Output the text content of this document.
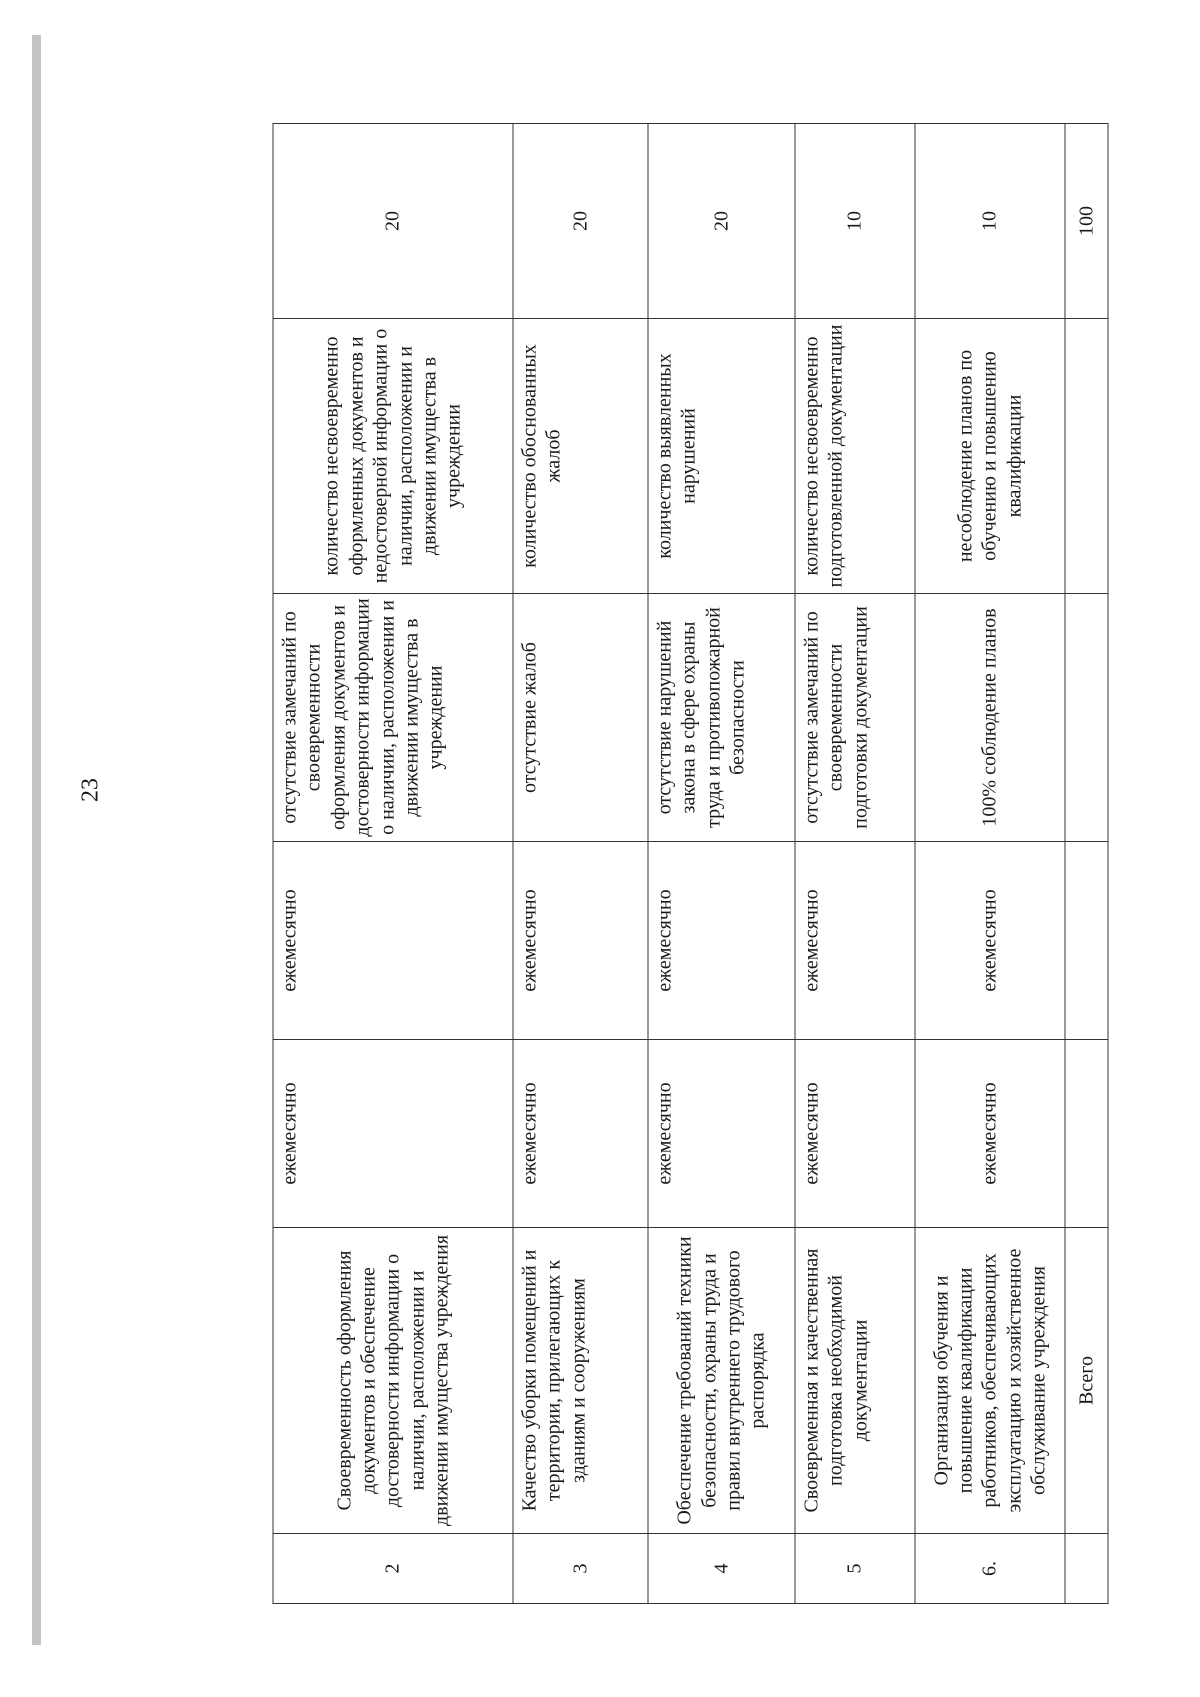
23
2	Своевременность оформления документов и обеспечение достоверности информации о наличии, расположении и движении имущества учреждения	ежемесячно	ежемесячно	отсутствие замечаний по своевременности оформления документов и достоверности информации о наличии, расположении и движении имущества в учреждении	количество несвоевременно оформленных документов и недостоверной информации о наличии, расположении и движении имущества в учреждении	20
3	Качество уборки помещений и территории, прилегающих к зданиям и сооружениям	ежемесячно	ежемесячно	отсутствие жалоб	количество обоснованных жалоб	20
4	Обеспечение требований техники безопасности, охраны труда и правил внутреннего трудового распорядка	ежемесячно	ежемесячно	отсутствие нарушений закона в сфере охраны труда и противопожарной безопасности	количество выявленных нарушений	20
5	Своевременная и качественная подготовка необходимой документации	ежемесячно	ежемесячно	отсутствие замечаний по своевременности подготовки документации	количество несвоевременно подготовленной документации	10
6.	Организация обучения и повышение квалификации работников, обеспечивающих эксплуатацию и хозяйственное обслуживание учреждения	ежемесячно	ежемесячно	100% соблюдение планов	несоблюдение планов по обучению и повышению квалификации	10
	Всего					100
